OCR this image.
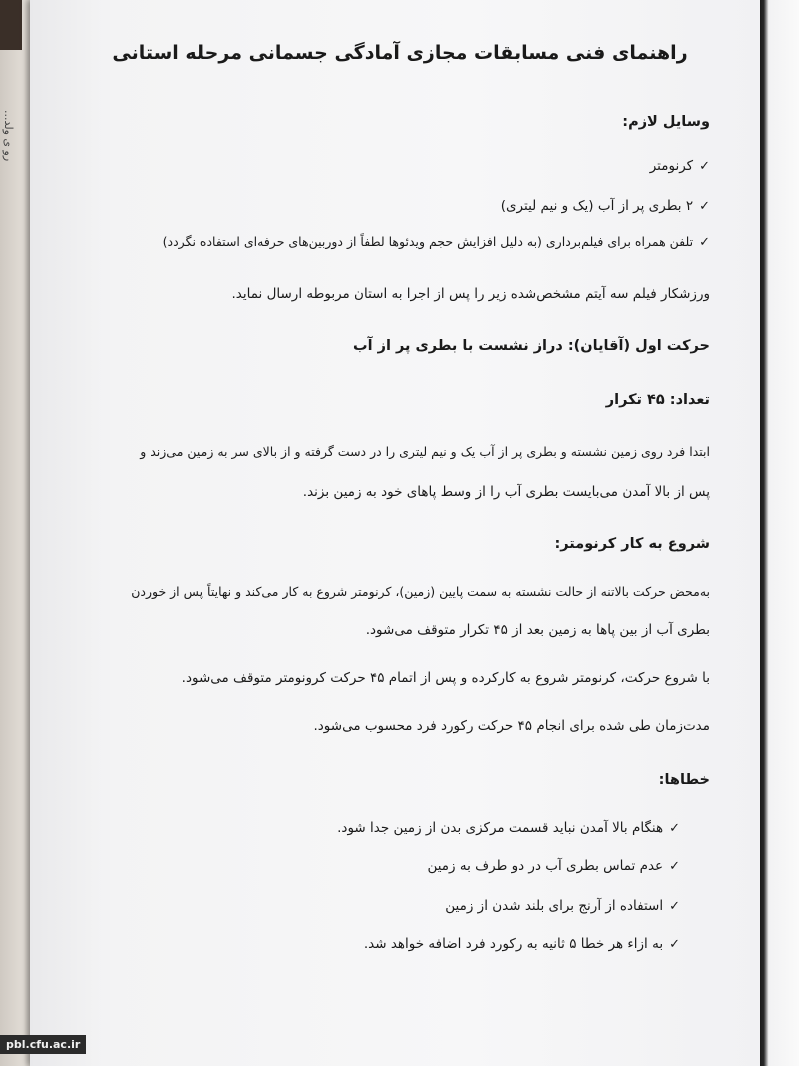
...رو ی ولد
راهنمای فنی مسابقات مجازی آمادگی جسمانی مرحله استانی

وسایل لازم:

✓کرنومتر

✓۲ بطری پر از آب (یک و نیم لیتری)

✓تلفن همراه برای فیلم‌برداری (به دلیل افزایش حجم ویدئوها لطفاً از دوربین‌های حرفه‌ای استفاده نگردد)

ورزشکار فیلم سه آیتم مشخص‌شده زیر را پس از اجرا به استان مربوطه ارسال نماید.

حرکت اول (آقایان): دراز نشست با بطری پر از آب

تعداد: ۴۵ تکرار

ابتدا فرد روی زمین نشسته و بطری پر از آب یک و نیم لیتری را در دست گرفته و از بالای سر به زمین می‌زند و

پس از بالا آمدن می‌بایست بطری آب را از وسط پاهای خود به زمین بزند.

شروع به کار کرنومتر:

به‌محض حرکت بالاتنه از حالت نشسته به سمت پایین (زمین)، کرنومتر شروع به کار می‌کند و نهایتاً پس از خوردن

بطری آب از بین پاها به زمین بعد از ۴۵ تکرار متوقف می‌شود.

با شروع حرکت، کرنومتر شروع به کارکرده و پس از اتمام ۴۵ حرکت کرونومتر متوقف می‌شود.

مدت‌زمان طی شده برای انجام ۴۵ حرکت رکورد فرد محسوب می‌شود.

خطاها:

✓هنگام بالا آمدن نباید قسمت مرکزی بدن از زمین جدا شود.

✓عدم تماس بطری آب در دو طرف به زمین

✓استفاده از آرنج برای بلند شدن از زمین

✓به ازاء هر خطا ۵ ثانیه به رکورد فرد اضافه خواهد شد.

pbl.cfu.ac.ir
